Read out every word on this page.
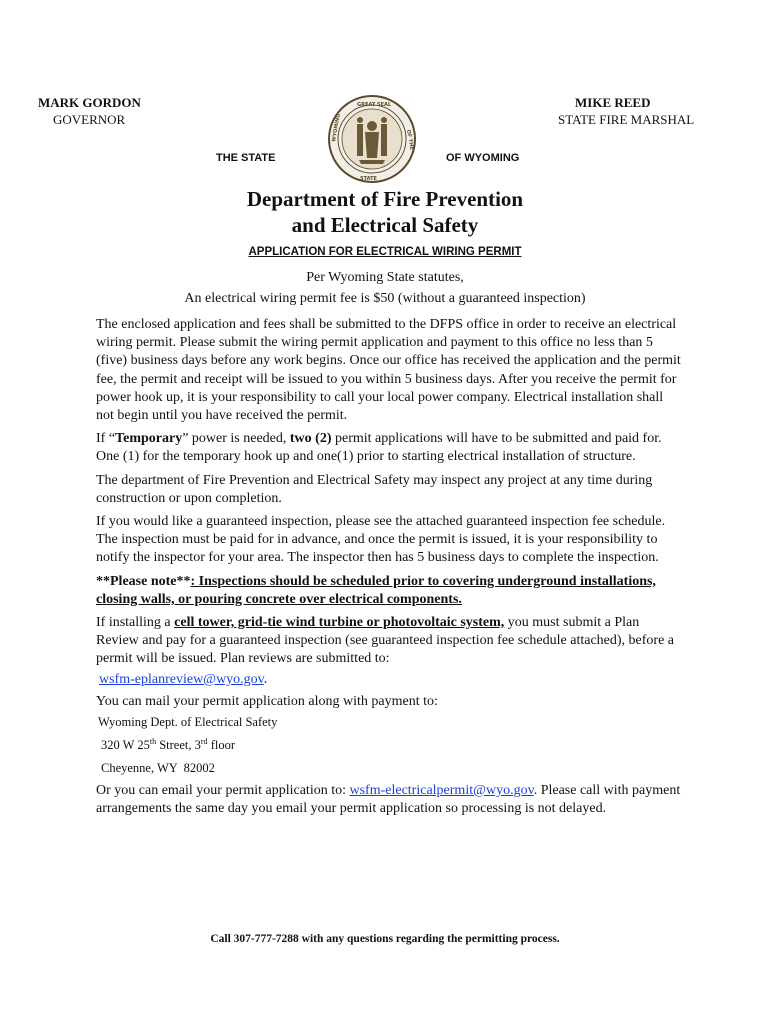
MARK GORDON
GOVERNOR
MIKE REED
STATE FIRE MARSHAL
GREAT SEAL
WYOMING	OF THE
STATE
THE STATE	OF WYOMING
Department of Fire Prevention
and Electrical Safety
APPLICATION FOR ELECTRICAL WIRING PERMIT
Per Wyoming State statutes,
An electrical wiring permit fee is $50 (without a guaranteed inspection)

The enclosed application and fees shall be submitted to the DFPS office in order to receive an electrical wiring permit. Please submit the wiring permit application and payment to this office no less than 5 (five) business days before any work begins. Once our office has received the application and the permit fee, the permit and receipt will be issued to you within 5 business days. After you receive the permit for power hook up, it is your responsibility to call your local power company. Electrical installation shall not begin until you have received the permit.

If “Temporary” power is needed, two (2) permit applications will have to be submitted and paid for. One (1) for the temporary hook up and one(1) prior to starting electrical installation of structure.

The department of Fire Prevention and Electrical Safety may inspect any project at any time during construction or upon completion.

If you would like a guaranteed inspection, please see the attached guaranteed inspection fee schedule. The inspection must be paid for in advance, and once the permit is issued, it is your responsibility to notify the inspector for your area. The inspector then has 5 business days to complete the inspection.

**Please note**: Inspections should be scheduled prior to covering underground installations, closing walls, or pouring concrete over electrical components.

If installing a cell tower, grid-tie wind turbine or photovoltaic system, you must submit a Plan Review and pay for a guaranteed inspection (see guaranteed inspection fee schedule attached), before a permit will be issued. Plan reviews are submitted to:

wsfm-eplanreview@wyo.gov.

You can mail your permit application along with payment to:

Wyoming Dept. of Electrical Safety

320 W 25th Street, 3rd floor

Cheyenne, WY  82002

Or you can email your permit application to: wsfm-electricalpermit@wyo.gov. Please call with payment arrangements the same day you email your permit application so processing is not delayed.

Call 307-777-7288 with any questions regarding the permitting process.
